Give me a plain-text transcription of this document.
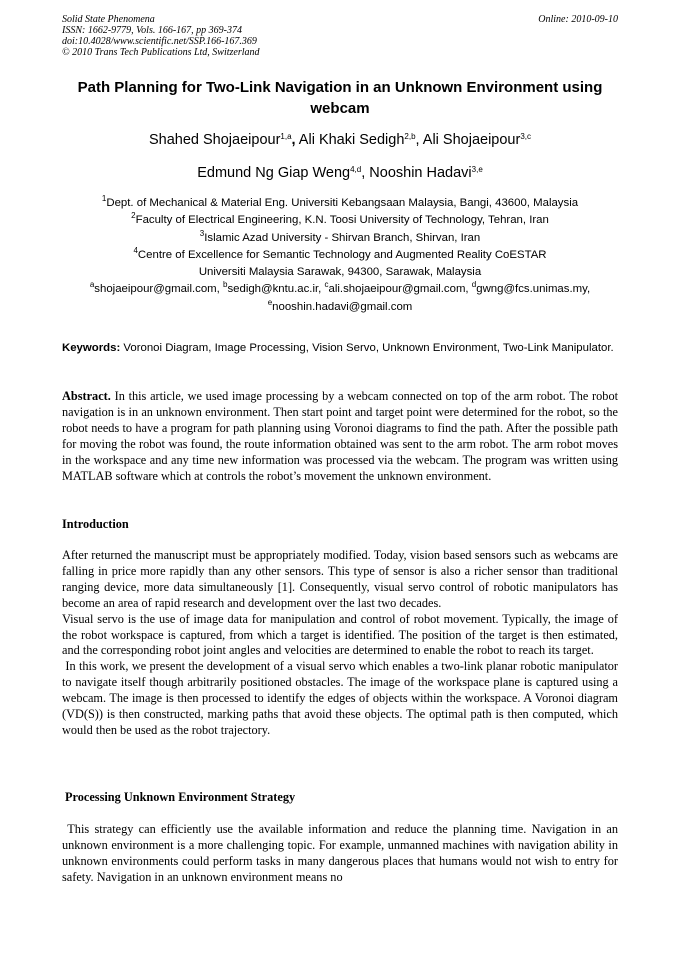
Solid State Phenomena
ISSN: 1662-9779, Vols. 166-167, pp 369-374
doi:10.4028/www.scientific.net/SSP.166-167.369
© 2010 Trans Tech Publications Ltd, Switzerland
Online: 2010-09-10
Path Planning for Two-Link Navigation in an Unknown Environment using webcam
Shahed Shojaeipour$^{1,a}$, Ali Khaki Sedigh$^{2,b}$, Ali Shojaeipour$^{3,c}$
Edmund Ng Giap Weng$^{4,d}$, Nooshin Hadavi$^{3,e}$
$^1$Dept. of Mechanical & Material Eng. Universiti Kebangsaan Malaysia, Bangi, 43600, Malaysia
$^2$Faculty of Electrical Engineering, K.N. Toosi University of Technology, Tehran, Iran
$^3$Islamic Azad University - Shirvan Branch, Shirvan, Iran
$^4$Centre of Excellence for Semantic Technology and Augmented Reality CoESTAR
Universiti Malaysia Sarawak, 94300, Sarawak, Malaysia
$^a$shojaeipour@gmail.com, $^b$sedigh@kntu.ac.ir, $^c$ali.shojaeipour@gmail.com, $^d$gwng@fcs.unimas.my,
$^e$nooshin.hadavi@gmail.com
Keywords: Voronoi Diagram, Image Processing, Vision Servo, Unknown Environment, Two-Link Manipulator.
Abstract. In this article, we used image processing by a webcam connected on top of the arm robot. The robot navigation is in an unknown environment. Then start point and target point were determined for the robot, so the robot needs to have a program for path planning using Voronoi diagrams to find the path. After the possible path for moving the robot was found, the route information obtained was sent to the arm robot. The arm robot moves in the workspace and any time new information was processed via the webcam. The program was written using MATLAB software which at controls the robot’s movement the unknown environment.
Introduction

After returned the manuscript must be appropriately modified. Today, vision based sensors such as webcams are falling in price more rapidly than any other sensors. This type of sensor is also a richer sensor than traditional ranging device, more data simultaneously [1]. Consequently, visual servo control of robotic manipulators has become an area of rapid research and development over the last two decades.

Visual servo is the use of image data for manipulation and control of robot movement. Typically, the image of the robot workspace is captured, from which a target is identified. The position of the target is then estimated, and the corresponding robot joint angles and velocities are determined to enable the robot to reach its target.

In this work, we present the development of a visual servo which enables a two-link planar robotic manipulator to navigate itself though arbitrarily positioned obstacles. The image of the workspace plane is captured using a webcam. The image is then processed to identify the edges of objects within the workspace. A Voronoi diagram (VD(S)) is then constructed, marking paths that avoid these objects. The optimal path is then computed, which would then be used as the robot trajectory.

Processing Unknown Environment Strategy

This strategy can efficiently use the available information and reduce the planning time. Navigation in an unknown environment is a more challenging topic. For example, unmanned machines with navigation ability in unknown environments could perform tasks in many dangerous places that humans would not wish to entry for safety. Navigation in an unknown environment means no
